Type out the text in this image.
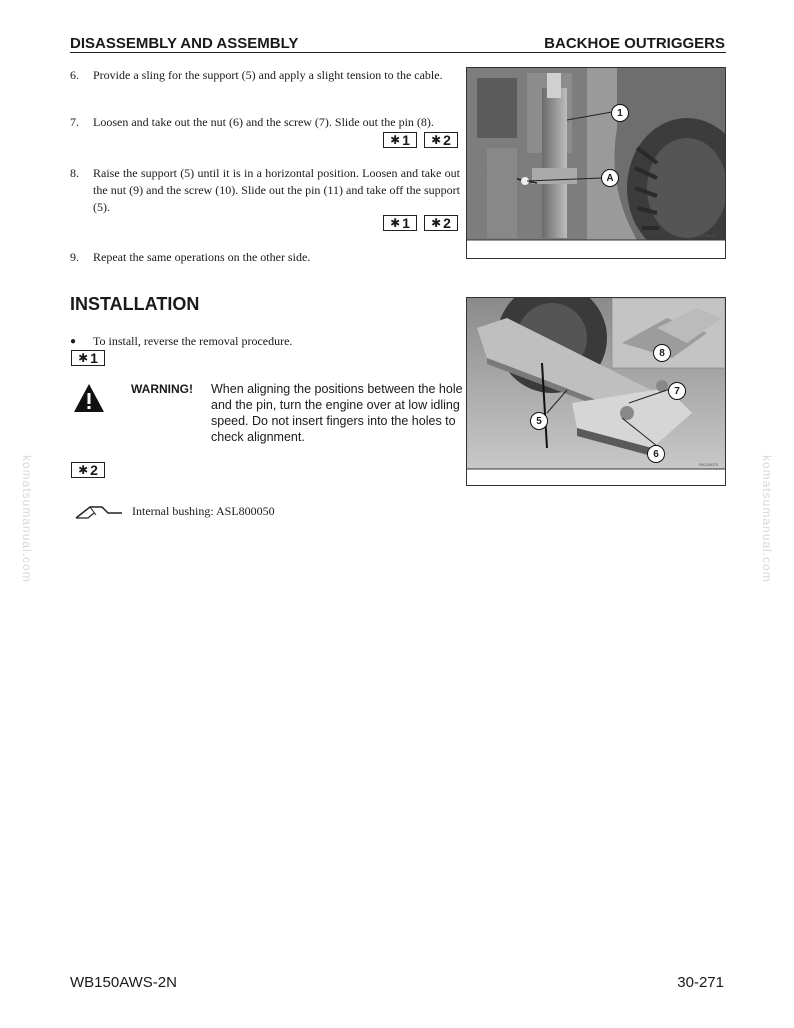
DISASSEMBLY AND ASSEMBLY	BACKHOE OUTRIGGERS
6. Provide a sling for the support (5) and apply a slight tension to the cable.
7. Loosen and take out the nut (6) and the screw (7). Slide out the pin (8).
✱ 1 ✱ 2
8. Raise the support (5) until it is in a horizontal position. Loosen and take out the nut (9) and the screw (10). Slide out the pin (11) and take off the support (5).
✱ 1 ✱ 2
9. Repeat the same operations on the other side.
RKZ46080
1
A
INSTALLATION
● To install, reverse the removal procedure.
✱ 1
WARNING! When aligning the positions between the hole and the pin, turn the engine over at low idling speed. Do not insert fingers into the holes to check alignment.
✱ 2
Internal bushing: ASL800050
RKZ46070
8
7
5
6
komatsumanual.com	komatsumanual.com
WB150AWS-2N	30-271
